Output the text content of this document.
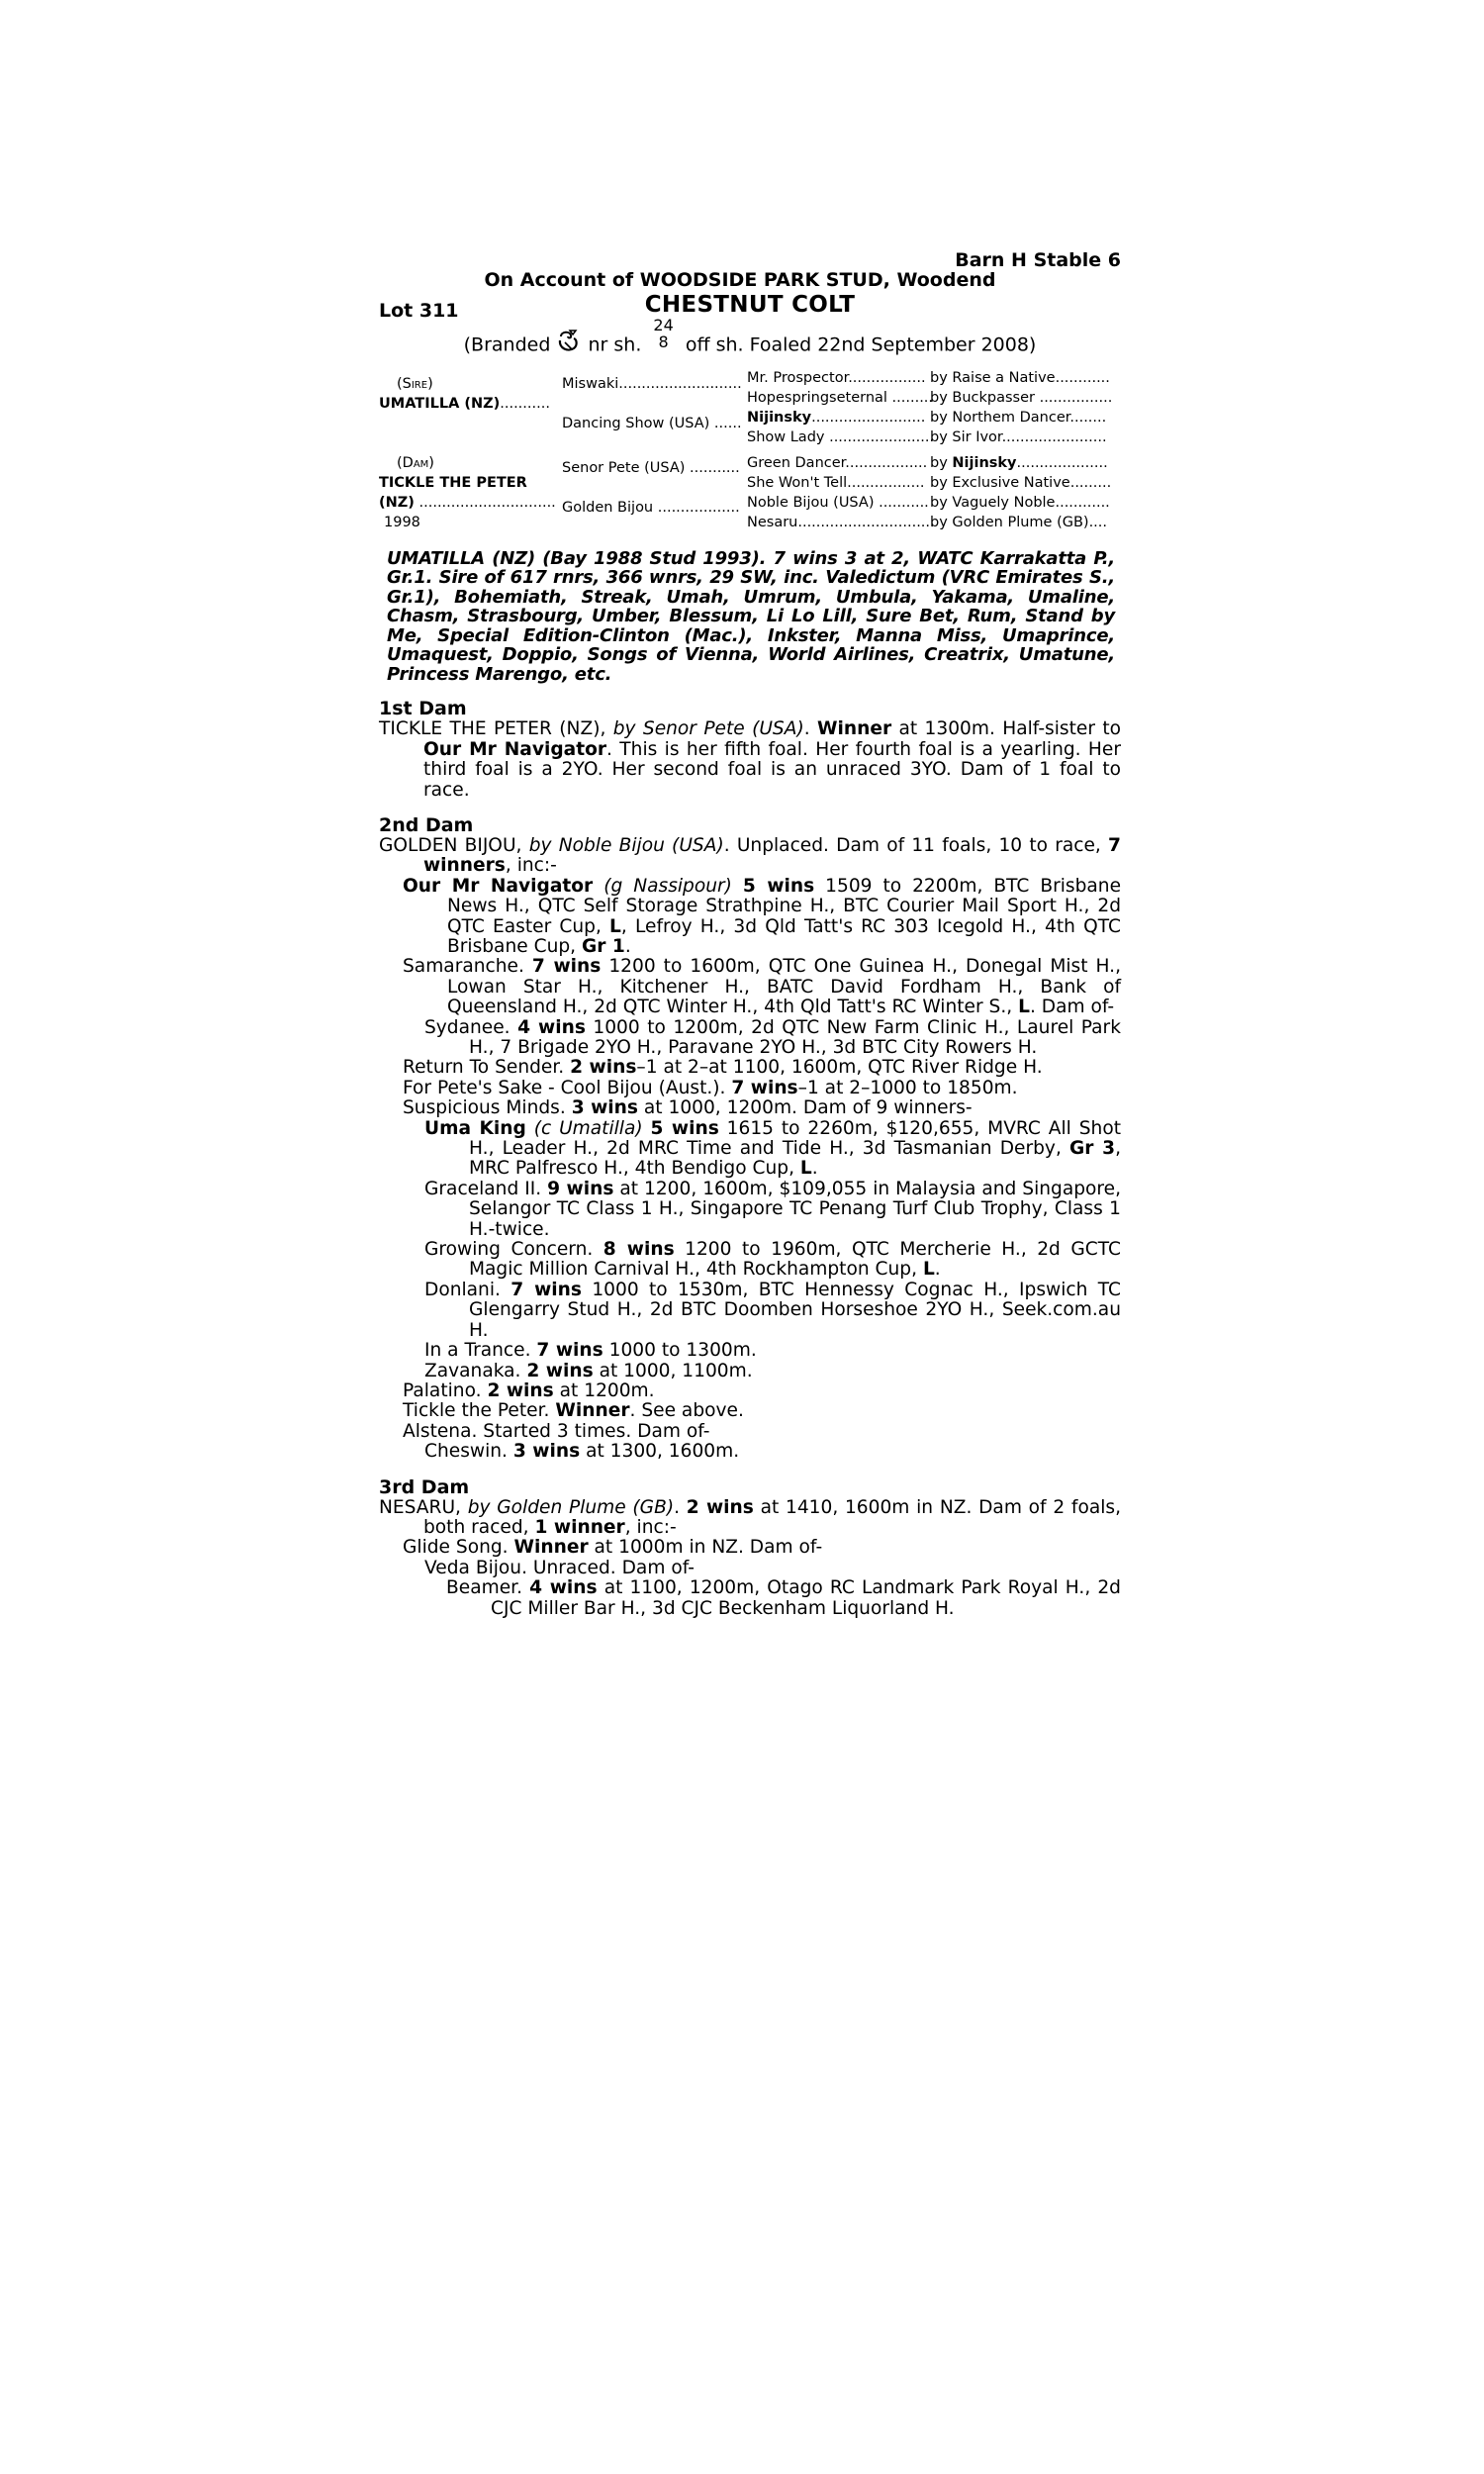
Barn H Stable 6
On Account of WOODSIDE PARK STUD, Woodend
Lot 311	CHESTNUT COLT
(Branded nr sh. 24
8 off sh. Foaled 22nd September 2008)
(Sire)
UMATILLA (NZ)...........
(Dam)
TICKLE THE PETER
(NZ) ..............................
1998
Miswaki...........................
Dancing Show (USA) ......
Senor Pete (USA) ...........
Golden Bijou ..................
Mr. Prospector.................
Hopespringseternal .........
Nijinsky.........................
Show Lady .......................
Green Dancer..................
She Won't Tell.................
Noble Bijou (USA) ...........
Nesaru..............................
by Raise a Native............
by Buckpasser ................
by Northem Dancer........
by Sir Ivor.......................
by Nijinsky....................
by Exclusive Native.........
by Vaguely Noble............
by Golden Plume (GB)....
UMATILLA (NZ) (Bay 1988 Stud 1993). 7 wins 3 at 2, WATC Karrakatta P., Gr.1. Sire of 617 rnrs, 366 wnrs, 29 SW, inc. Valedictum (VRC Emirates S., Gr.1), Bohemiath, Streak, Umah, Umrum, Umbula, Yakama, Umaline, Chasm, Strasbourg, Umber, Blessum, Li Lo Lill, Sure Bet, Rum, Stand by Me, Special Edition-Clinton (Mac.), Inkster, Manna Miss, Umaprince, Umaquest, Doppio, Songs of Vienna, World Airlines, Creatrix, Umatune, Princess Marengo, etc.
1st Dam
TICKLE THE PETER (NZ), by Senor Pete (USA). Winner at 1300m. Half-sister to Our Mr Navigator. This is her fifth foal. Her fourth foal is a yearling. Her third foal is a 2YO. Her second foal is an unraced 3YO. Dam of 1 foal to race.
2nd Dam
GOLDEN BIJOU, by Noble Bijou (USA). Unplaced. Dam of 11 foals, 10 to race, 7 winners, inc:-
Our Mr Navigator (g Nassipour) 5 wins 1509 to 2200m, BTC Brisbane News H., QTC Self Storage Strathpine H., BTC Courier Mail Sport H., 2d QTC Easter Cup, L, Lefroy H., 3d Qld Tatt's RC 303 Icegold H., 4th QTC Brisbane Cup, Gr 1.
Samaranche. 7 wins 1200 to 1600m, QTC One Guinea H., Donegal Mist H., Lowan Star H., Kitchener H., BATC David Fordham H., Bank of Queensland H., 2d QTC Winter H., 4th Qld Tatt's RC Winter S., L. Dam of-
Sydanee. 4 wins 1000 to 1200m, 2d QTC New Farm Clinic H., Laurel Park H., 7 Brigade 2YO H., Paravane 2YO H., 3d BTC City Rowers H.
Return To Sender. 2 wins–1 at 2–at 1100, 1600m, QTC River Ridge H.
For Pete's Sake - Cool Bijou (Aust.). 7 wins–1 at 2–1000 to 1850m.
Suspicious Minds. 3 wins at 1000, 1200m. Dam of 9 winners-
Uma King (c Umatilla) 5 wins 1615 to 2260m, $120,655, MVRC All Shot H., Leader H., 2d MRC Time and Tide H., 3d Tasmanian Derby, Gr 3, MRC Palfresco H., 4th Bendigo Cup, L.
Graceland II. 9 wins at 1200, 1600m, $109,055 in Malaysia and Singapore, Selangor TC Class 1 H., Singapore TC Penang Turf Club Trophy, Class 1 H.-twice.
Growing Concern. 8 wins 1200 to 1960m, QTC Mercherie H., 2d GCTC Magic Million Carnival H., 4th Rockhampton Cup, L.
Donlani. 7 wins 1000 to 1530m, BTC Hennessy Cognac H., Ipswich TC Glengarry Stud H., 2d BTC Doomben Horseshoe 2YO H., Seek.com.au H.
In a Trance. 7 wins 1000 to 1300m.
Zavanaka. 2 wins at 1000, 1100m.
Palatino. 2 wins at 1200m.
Tickle the Peter. Winner. See above.
Alstena. Started 3 times. Dam of-
Cheswin. 3 wins at 1300, 1600m.
3rd Dam
NESARU, by Golden Plume (GB). 2 wins at 1410, 1600m in NZ. Dam of 2 foals, both raced, 1 winner, inc:-
Glide Song. Winner at 1000m in NZ. Dam of-
Veda Bijou. Unraced. Dam of-
Beamer. 4 wins at 1100, 1200m, Otago RC Landmark Park Royal H., 2d CJC Miller Bar H., 3d CJC Beckenham Liquorland H.
